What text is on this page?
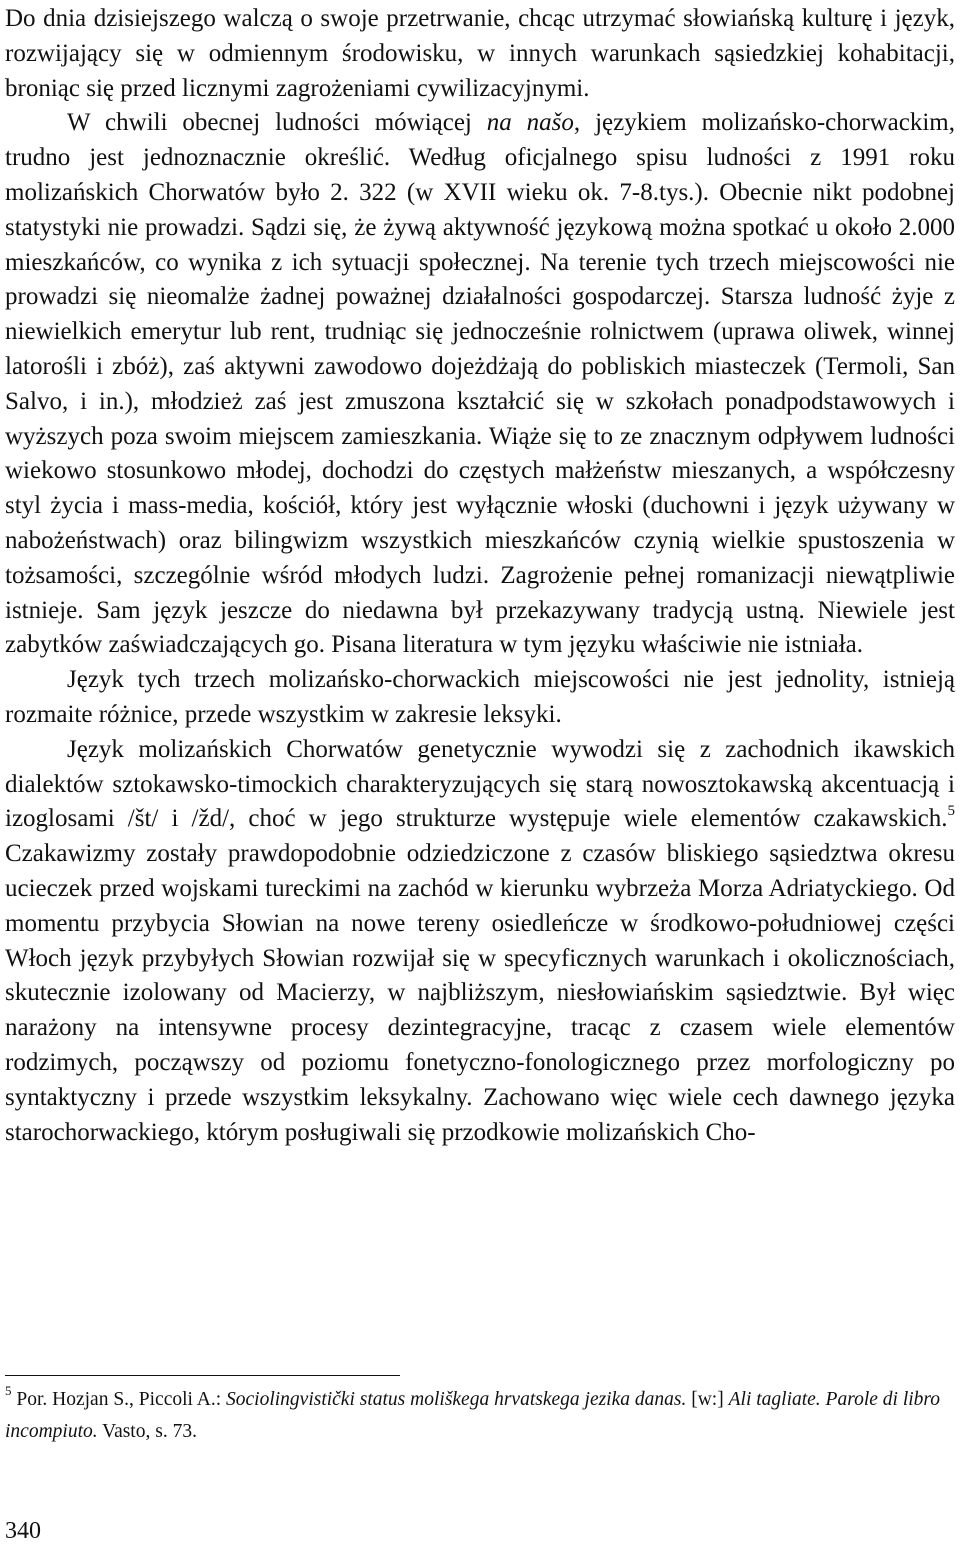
Do dnia dzisiejszego walczą o swoje przetrwanie, chcąc utrzymać słowiańską kulturę i język, rozwijający się w odmiennym środowisku, w innych warunkach sąsiedzkiej kohabitacji, broniąc się przed licznymi zagrożeniami cywilizacyjnymi.

W chwili obecnej ludności mówiącej na našo, językiem molizańsko-chorwackim, trudno jest jednoznacznie określić. Według oficjalnego spisu ludności z 1991 roku molizańskich Chorwatów było 2. 322 (w XVII wieku ok. 7-8.tys.). Obecnie nikt podobnej statystyki nie prowadzi. Sądzi się, że żywą aktywność językową można spotkać u około 2.000 mieszkańców, co wynika z ich sytuacji społecznej. Na terenie tych trzech miejscowości nie prowadzi się nieomalże żadnej poważnej działalności gospodarczej. Starsza ludność żyje z niewielkich emerytur lub rent, trudniąc się jednocześnie rolnictwem (uprawa oliwek, winnej latorośli i zbóż), zaś aktywni zawodowo dojeżdżają do pobliskich miasteczek (Termoli, San Salvo, i in.), młodzież zaś jest zmuszona kształcić się w szkołach ponadpodstawowych i wyższych poza swoim miejscem zamieszkania. Wiąże się to ze znacznym odpływem ludności wiekowo stosunkowo młodej, dochodzi do częstych małżeństw mieszanych, a współczesny styl życia i mass-media, kościół, który jest wyłącznie włoski (duchowni i język używany w nabożeństwach) oraz bilingwizm wszystkich mieszkańców czynią wielkie spustoszenia w tożsamości, szczególnie wśród młodych ludzi. Zagrożenie pełnej romanizacji niewątpliwie istnieje. Sam język jeszcze do niedawna był przekazywany tradycją ustną. Niewiele jest zabytków zaświadczających go. Pisana literatura w tym języku właściwie nie istniała.

Język tych trzech molizańsko-chorwackich miejscowości nie jest jednolity, istnieją rozmaite różnice, przede wszystkim w zakresie leksyki.

Język molizańskich Chorwatów genetycznie wywodzi się z zachodnich ikawskich dialektów sztokawsko-timockich charakteryzujących się starą nowosztokawską akcentuacją i izoglosami /št/ i /žd/, choć w jego strukturze występuje wiele elementów czakawskich.$^5$ Czakawizmy zostały prawdopodobnie odziedziczone z czasów bliskiego sąsiedztwa okresu ucieczek przed wojskami tureckimi na zachód w kierunku wybrzeża Morza Adriatyckiego. Od momentu przybycia Słowian na nowe tereny osiedleńcze w środkowo-południowej części Włoch język przybyłych Słowian rozwijał się w specyficznych warunkach i okolicznościach, skutecznie izolowany od Macierzy, w najbliższym, niesłowiańskim sąsiedztwie. Był więc narażony na intensywne procesy dezintegracyjne, tracąc z czasem wiele elementów rodzimych, począwszy od poziomu fonetyczno-fonologicznego przez morfologiczny po syntaktyczny i przede wszystkim leksykalny. Zachowano więc wiele cech dawnego języka starochorwackiego, którym posługiwali się przodkowie molizańskich Cho-

$^5$ Por. Hozjan S., Piccoli A.: Sociolingvistički status moliškega hrvatskega jezika danas. [w:] Ali tagliate. Parole di libro incompiuto. Vasto, s. 73.
340
